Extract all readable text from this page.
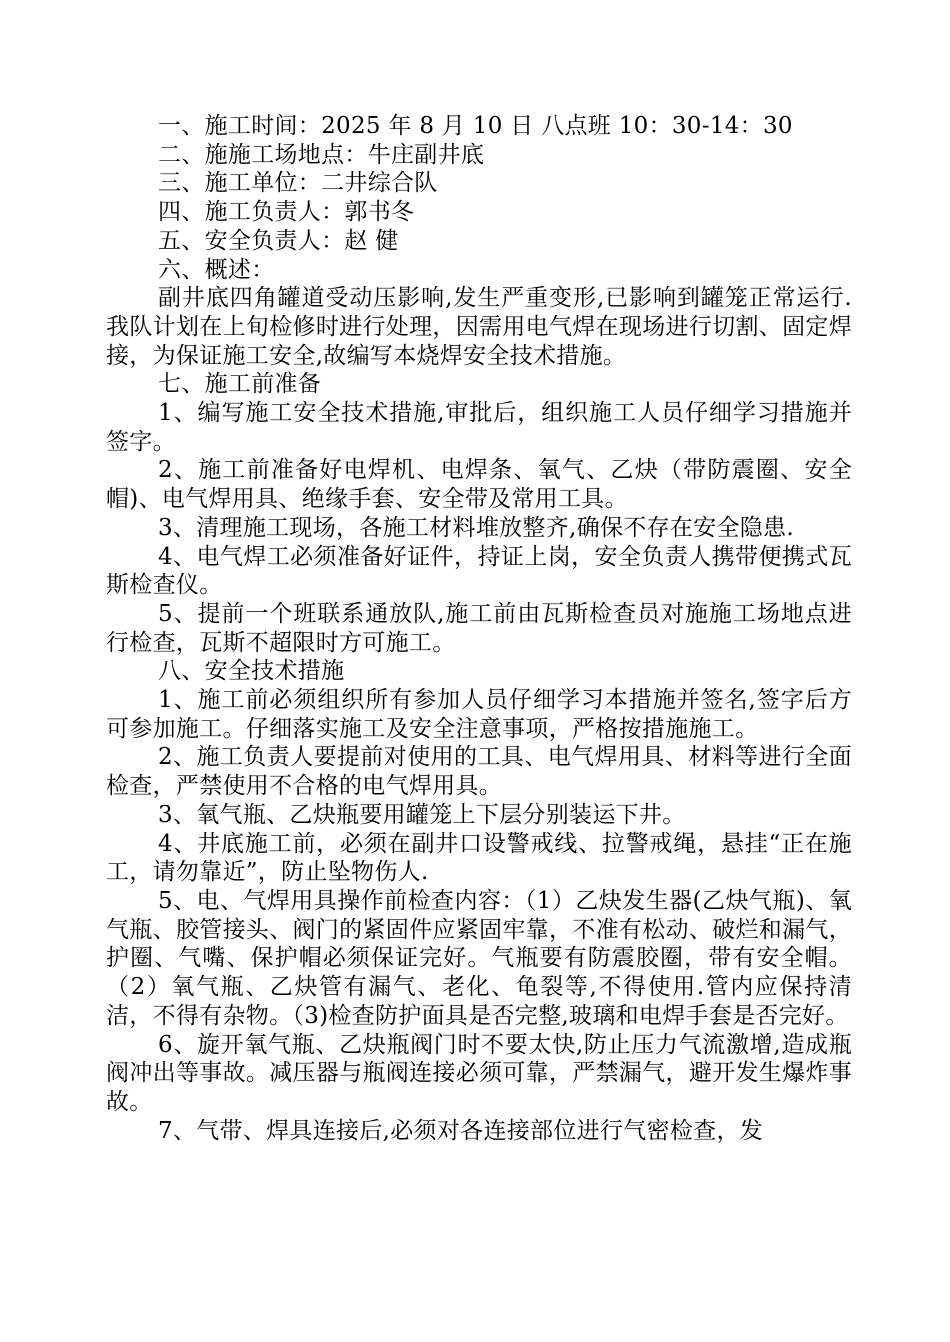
一、施工时间：2025 年 8 月 10 日 八点班 10：30-14：30

二、施施工场地点：牛庄副井底

三、施工单位：二井综合队

四、施工负责人：郭书冬

五、安全负责人：赵 健

六、概述：

副井底四角罐道受动压影响,发生严重变形,已影响到罐笼正常运行.我队计划在上旬检修时进行处理，因需用电气焊在现场进行切割、固定焊接，为保证施工安全,故编写本烧焊安全技术措施。

七、施工前准备

1、编写施工安全技术措施,审批后，组织施工人员仔细学习措施并签字。

2、施工前准备好电焊机、电焊条、氧气、乙炔（带防震圈、安全帽)、电气焊用具、绝缘手套、安全带及常用工具。

3、清理施工现场，各施工材料堆放整齐,确保不存在安全隐患.

4、电气焊工必须准备好证件，持证上岗，安全负责人携带便携式瓦斯检查仪。

5、提前一个班联系通放队,施工前由瓦斯检查员对施施工场地点进行检查，瓦斯不超限时方可施工。

八、安全技术措施

1、施工前必须组织所有参加人员仔细学习本措施并签名,签字后方可参加施工。仔细落实施工及安全注意事项，严格按措施施工。

2、施工负责人要提前对使用的工具、电气焊用具、材料等进行全面检查，严禁使用不合格的电气焊用具。

3、氧气瓶、乙炔瓶要用罐笼上下层分别装运下井。

4、井底施工前，必须在副井口设警戒线、拉警戒绳，悬挂“正在施工，请勿靠近”，防止坠物伤人.

5、电、气焊用具操作前检查内容：（1）乙炔发生器(乙炔气瓶)、氧气瓶、胶管接头、阀门的紧固件应紧固牢靠，不准有松动、破烂和漏气，护圈、气嘴、保护帽必须保证完好。气瓶要有防震胶圈，带有安全帽。（2）氧气瓶、乙炔管有漏气、老化、龟裂等,不得使用.管内应保持清洁，不得有杂物。（3)检查防护面具是否完整,玻璃和电焊手套是否完好。

6、旋开氧气瓶、乙炔瓶阀门时不要太快,防止压力气流激增,造成瓶阀冲出等事故。减压器与瓶阀连接必须可靠，严禁漏气，避开发生爆炸事故。

7、气带、焊具连接后,必须对各连接部位进行气密检查，发
